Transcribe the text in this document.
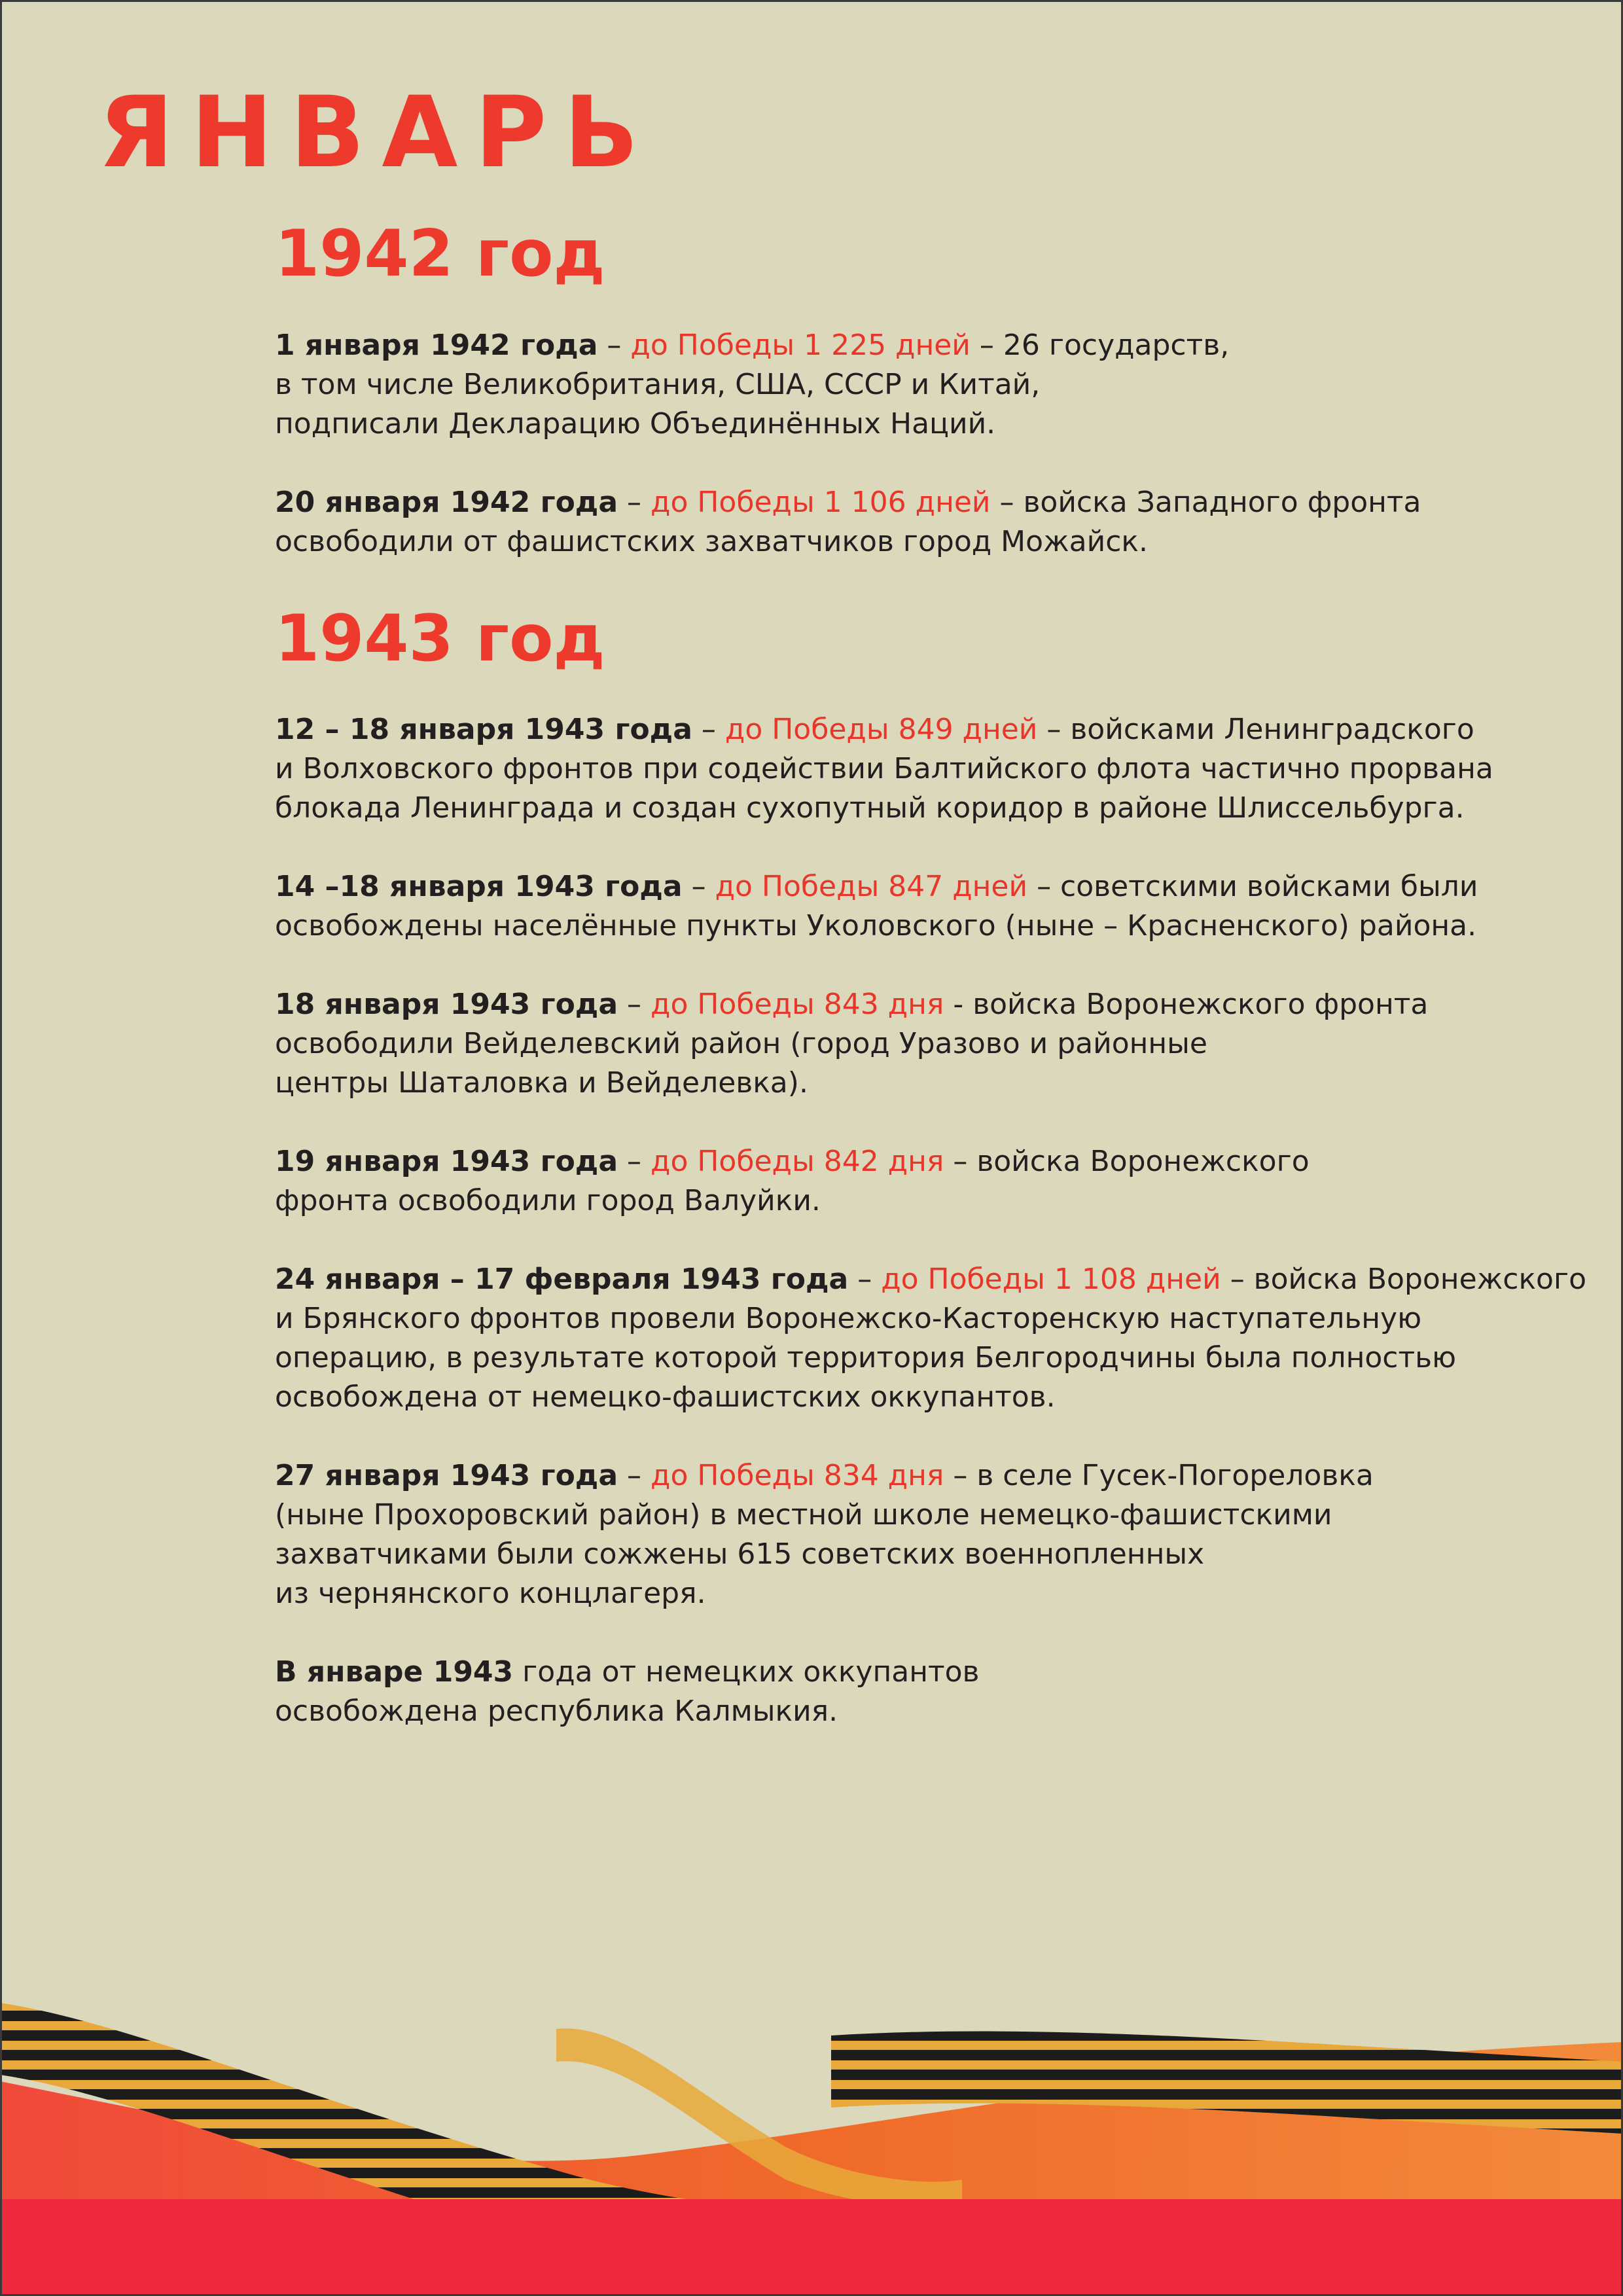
ЯНВАРЬ
1942 год

1 января 1942 года – до Победы 1 225 дней – 26 государств,
в том числе Великобритания, США, СССР и Китай,
подписали Декларацию Объединённых Наций.

20 января 1942 года – до Победы 1 106 дней – войска Западного фронта
освободили от фашистских захватчиков город Можайск.

1943 год

12 – 18 января 1943 года – до Победы 849 дней – войсками Ленинградского
и Волховского фронтов при содействии Балтийского флота частично прорвана
блокада Ленинграда и создан сухопутный коридор в районе Шлиссельбурга.

14 –18 января 1943 года – до Победы 847 дней – советскими войсками были
освобождены населённые пункты Уколовского (ныне – Красненского) района.

18 января 1943 года – до Победы 843 дня - войска Воронежского фронта
освободили Вейделевский район (город Уразово и районные
центры Шаталовка и Вейделевка).

19 января 1943 года – до Победы 842 дня – войска Воронежского
фронта освободили город Валуйки.

24 января – 17 февраля 1943 года – до Победы 1 108 дней – войска Воронежского
и Брянского фронтов провели Воронежско-Касторенскую наступательную
операцию, в результате которой территория Белгородчины была полностью
освобождена от немецко-фашистских оккупантов.

27 января 1943 года – до Победы 834 дня – в селе Гусек-Погореловка
(ныне Прохоровский район) в местной школе немецко-фашистскими
захватчиками были сожжены 615 советских военнопленных
из чернянского концлагеря.

В январе 1943 года от немецких оккупантов
освобождена республика Калмыкия.
